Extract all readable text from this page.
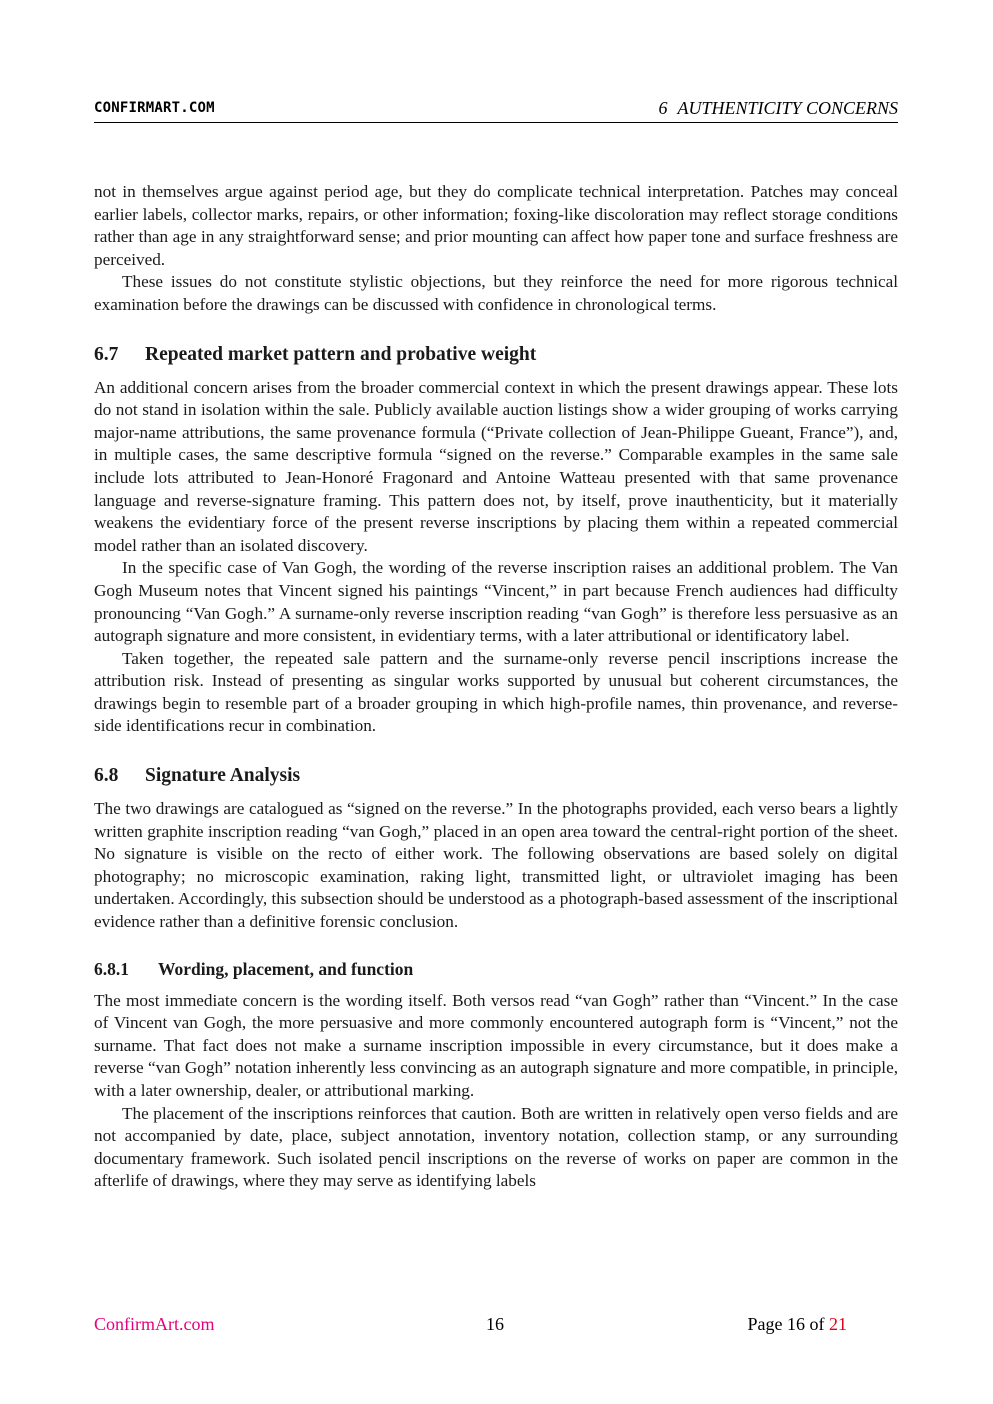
CONFIRMART.COM	6 AUTHENTICITY CONCERNS

not in themselves argue against period age, but they do complicate technical interpretation. Patches may conceal earlier labels, collector marks, repairs, or other information; foxing-like discoloration may reflect storage conditions rather than age in any straightforward sense; and prior mounting can affect how paper tone and surface freshness are perceived.

These issues do not constitute stylistic objections, but they reinforce the need for more rigorous technical examination before the drawings can be discussed with confidence in chronological terms.

6.7 Repeated market pattern and probative weight

An additional concern arises from the broader commercial context in which the present drawings appear. These lots do not stand in isolation within the sale. Publicly available auction listings show a wider grouping of works carrying major-name attributions, the same provenance formula (“Private collection of Jean-Philippe Gueant, France”), and, in multiple cases, the same descriptive formula “signed on the reverse.” Comparable examples in the same sale include lots attributed to Jean-Honoré Fragonard and Antoine Watteau presented with that same provenance language and reverse-signature framing. This pattern does not, by itself, prove inauthenticity, but it materially weakens the evidentiary force of the present reverse inscriptions by placing them within a repeated commercial model rather than an isolated discovery.

In the specific case of Van Gogh, the wording of the reverse inscription raises an additional problem. The Van Gogh Museum notes that Vincent signed his paintings “Vincent,” in part because French audiences had difficulty pronouncing “Van Gogh.” A surname-only reverse inscription reading “van Gogh” is therefore less persuasive as an autograph signature and more consistent, in evidentiary terms, with a later attributional or identificatory label.

Taken together, the repeated sale pattern and the surname-only reverse pencil inscriptions increase the attribution risk. Instead of presenting as singular works supported by unusual but coherent circumstances, the drawings begin to resemble part of a broader grouping in which high-profile names, thin provenance, and reverse-side identifications recur in combination.

6.8 Signature Analysis

The two drawings are catalogued as “signed on the reverse.” In the photographs provided, each verso bears a lightly written graphite inscription reading “van Gogh,” placed in an open area toward the central-right portion of the sheet. No signature is visible on the recto of either work. The following observations are based solely on digital photography; no microscopic examination, raking light, transmitted light, or ultraviolet imaging has been undertaken. Accordingly, this subsection should be understood as a photograph-based assessment of the inscriptional evidence rather than a definitive forensic conclusion.

6.8.1 Wording, placement, and function

The most immediate concern is the wording itself. Both versos read “van Gogh” rather than “Vincent.” In the case of Vincent van Gogh, the more persuasive and more commonly encountered autograph form is “Vincent,” not the surname. That fact does not make a surname inscription impossible in every circumstance, but it does make a reverse “van Gogh” notation inherently less convincing as an autograph signature and more compatible, in principle, with a later ownership, dealer, or attributional marking.

The placement of the inscriptions reinforces that caution. Both are written in relatively open verso fields and are not accompanied by date, place, subject annotation, inventory notation, collection stamp, or any surrounding documentary framework. Such isolated pencil inscriptions on the reverse of works on paper are common in the afterlife of drawings, where they may serve as identifying labels

ConfirmArt.com	16	Page 16 of 21
